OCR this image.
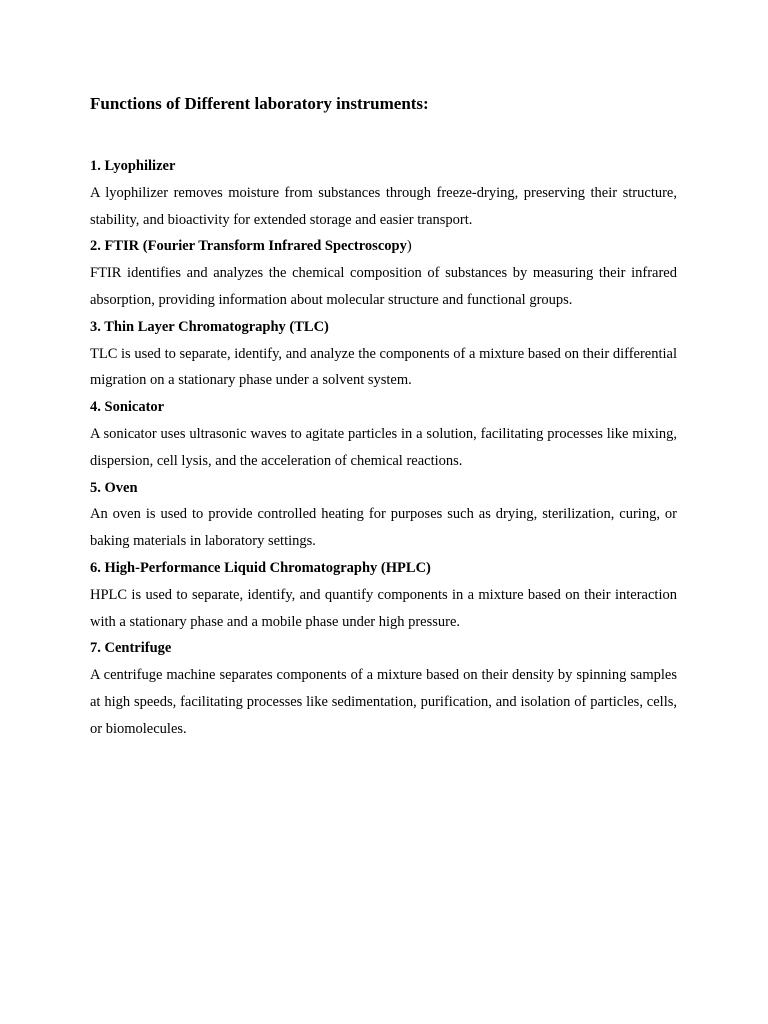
Functions of Different laboratory instruments:

1. Lyophilizer

A lyophilizer removes moisture from substances through freeze-drying, preserving their structure, stability, and bioactivity for extended storage and easier transport.

2. FTIR (Fourier Transform Infrared Spectroscopy)

FTIR identifies and analyzes the chemical composition of substances by measuring their infrared absorption, providing information about molecular structure and functional groups.

3. Thin Layer Chromatography (TLC)

TLC is used to separate, identify, and analyze the components of a mixture based on their differential migration on a stationary phase under a solvent system.

4. Sonicator

A sonicator uses ultrasonic waves to agitate particles in a solution, facilitating processes like mixing, dispersion, cell lysis, and the acceleration of chemical reactions.

5. Oven

An oven is used to provide controlled heating for purposes such as drying, sterilization, curing, or baking materials in laboratory settings.

6. High-Performance Liquid Chromatography (HPLC)

HPLC is used to separate, identify, and quantify components in a mixture based on their interaction with a stationary phase and a mobile phase under high pressure.

7. Centrifuge

A centrifuge machine separates components of a mixture based on their density by spinning samples at high speeds, facilitating processes like sedimentation, purification, and isolation of particles, cells, or biomolecules.
